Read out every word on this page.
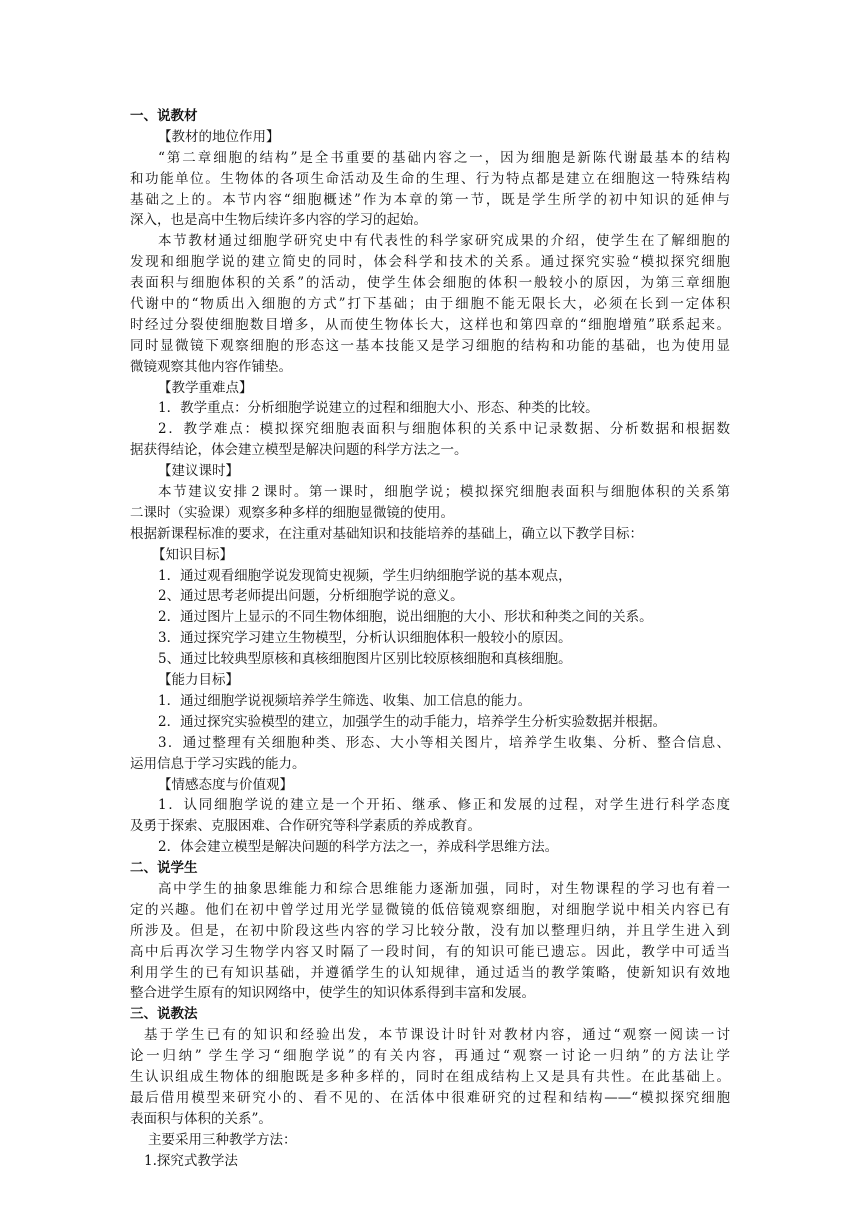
一、说教材
【教材的地位作用】
“第二章细胞的结构”是全书重要的基础内容之一，因为细胞是新陈代谢最基本的结构
和功能单位。生物体的各项生命活动及生命的生理、行为特点都是建立在细胞这一特殊结构
基础之上的。本节内容“细胞概述”作为本章的第一节，既是学生所学的初中知识的延伸与
深入，也是高中生物后续许多内容的学习的起始。
本节教材通过细胞学研究史中有代表性的科学家研究成果的介绍，使学生在了解细胞的
发现和细胞学说的建立简史的同时，体会科学和技术的关系。通过探究实验“模拟探究细胞
表面积与细胞体积的关系”的活动，使学生体会细胞的体积一般较小的原因，为第三章细胞
代谢中的“物质出入细胞的方式”打下基础；由于细胞不能无限长大，必须在长到一定体积
时经过分裂使细胞数目增多，从而使生物体长大，这样也和第四章的“细胞增殖”联系起来。
同时显微镜下观察细胞的形态这一基本技能又是学习细胞的结构和功能的基础，也为使用显
微镜观察其他内容作铺垫。
【教学重难点】
1．教学重点：分析细胞学说建立的过程和细胞大小、形态、种类的比较。
2．教学难点：模拟探究细胞表面积与细胞体积的关系中记录数据、分析数据和根据数
据获得结论，体会建立模型是解决问题的科学方法之一。
【建议课时】
本节建议安排２课时。第一课时，细胞学说；模拟探究细胞表面积与细胞体积的关系第
二课时（实验课）观察多种多样的细胞显微镜的使用。
根据新课程标准的要求，在注重对基础知识和技能培养的基础上，确立以下教学目标：
【知识目标】
1．通过观看细胞学说发现简史视频，学生归纳细胞学说的基本观点，
2、通过思考老师提出问题，分析细胞学说的意义。
2．通过图片上显示的不同生物体细胞，说出细胞的大小、形状和种类之间的关系。
3．通过探究学习建立生物模型，分析认识细胞体积一般较小的原因。
5、通过比较典型原核和真核细胞图片区别比较原核细胞和真核细胞。
【能力目标】
1．通过细胞学说视频培养学生筛选、收集、加工信息的能力。
2．通过探究实验模型的建立，加强学生的动手能力，培养学生分析实验数据并根据。
3．通过整理有关细胞种类、形态、大小等相关图片，培养学生收集、分析、整合信息、
运用信息于学习实践的能力。
【情感态度与价值观】
1．认同细胞学说的建立是一个开拓、继承、修正和发展的过程，对学生进行科学态度
及勇于探索、克服困难、合作研究等科学素质的养成教育。
2．体会建立模型是解决问题的科学方法之一，养成科学思维方法。
二、说学生
高中学生的抽象思维能力和综合思维能力逐渐加强，同时，对生物课程的学习也有着一
定的兴趣。他们在初中曾学过用光学显微镜的低倍镜观察细胞，对细胞学说中相关内容已有
所涉及。但是，在初中阶段这些内容的学习比较分散，没有加以整理归纳，并且学生进入到
高中后再次学习生物学内容又时隔了一段时间，有的知识可能已遗忘。因此，教学中可适当
利用学生的已有知识基础，并遵循学生的认知规律，通过适当的教学策略，使新知识有效地
整合进学生原有的知识网络中，使学生的知识体系得到丰富和发展。
三、说教法
基于学生已有的知识和经验出发，本节课设计时针对教材内容，通过“观察一阅读一讨
论一归纳” 学生学习“细胞学说”的有关内容，再通过“观察一讨论一归纳”的方法让学
生认识组成生物体的细胞既是多种多样的，同时在组成结构上又是具有共性。在此基础上。
最后借用模型来研究小的、看不见的、在活体中很难研究的过程和结构——“模拟探究细胞
表面积与体积的关系”。
主要采用三种教学方法：
1.探究式教学法
